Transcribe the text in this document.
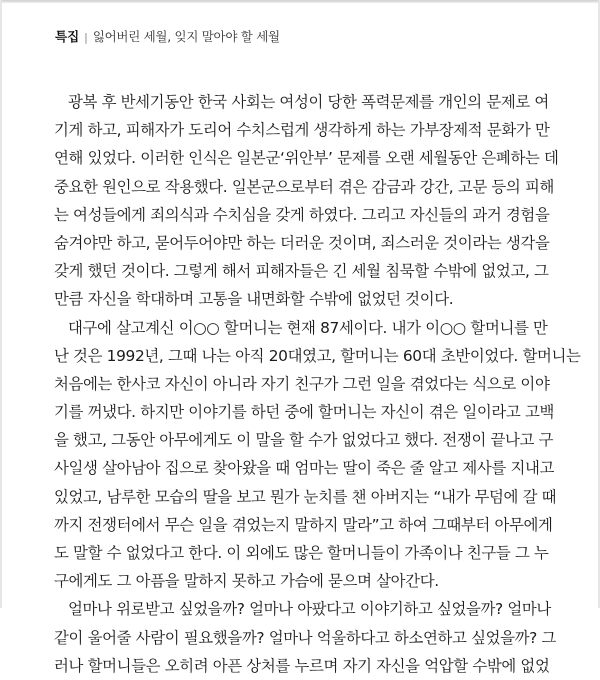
특집 | 잃어버린 세월, 잊지 말아야 할 세월
광복 후 반세기동안 한국 사회는 여성이 당한 폭력문제를 개인의 문제로 여
기게 하고, 피해자가 도리어 수치스럽게 생각하게 하는 가부장제적 문화가 만
연해 있었다. 이러한 인식은 일본군‘위안부’ 문제를 오랜 세월동안 은폐하는 데
중요한 원인으로 작용했다. 일본군으로부터 겪은 감금과 강간, 고문 등의 피해
는 여성들에게 죄의식과 수치심을 갖게 하였다. 그리고 자신들의 과거 경험을
숨겨야만 하고, 묻어두어야만 하는 더러운 것이며, 죄스러운 것이라는 생각을
갖게 했던 것이다. 그렇게 해서 피해자들은 긴 세월 침묵할 수밖에 없었고, 그
만큼 자신을 학대하며 고통을 내면화할 수밖에 없었던 것이다.
대구에 살고계신 이○○ 할머니는 현재 87세이다. 내가 이○○ 할머니를 만
난 것은 1992년, 그때 나는 아직 20대였고, 할머니는 60대 초반이었다. 할머니는
처음에는 한사코 자신이 아니라 자기 친구가 그런 일을 겪었다는 식으로 이야
기를 꺼냈다. 하지만 이야기를 하던 중에 할머니는 자신이 겪은 일이라고 고백
을 했고, 그동안 아무에게도 이 말을 할 수가 없었다고 했다. 전쟁이 끝나고 구
사일생 살아남아 집으로 찾아왔을 때 엄마는 딸이 죽은 줄 알고 제사를 지내고
있었고, 남루한 모습의 딸을 보고 뭔가 눈치를 챈 아버지는 “내가 무덤에 갈 때
까지 전쟁터에서 무슨 일을 겪었는지 말하지 말라”고 하여 그때부터 아무에게
도 말할 수 없었다고 한다. 이 외에도 많은 할머니들이 가족이나 친구들 그 누
구에게도 그 아픔을 말하지 못하고 가슴에 묻으며 살아간다.
얼마나 위로받고 싶었을까? 얼마나 아팠다고 이야기하고 싶었을까? 얼마나
같이 울어줄 사람이 필요했을까? 얼마나 억울하다고 하소연하고 싶었을까? 그
러나 할머니들은 오히려 아픈 상처를 누르며 자기 자신을 억압할 수밖에 없었
